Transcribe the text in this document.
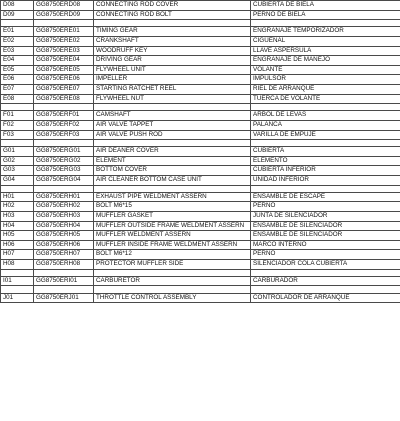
D08	GG8750ERD08	CONNECTING ROD COVER	CUBIERTA DE BIELA
D09	GG8750ERD09	CONNECTING ROD BOLT	PERNO DE BIELA

E01	GG8750ERE01	TIMING GEAR	ENGRANAJE TEMPORIZADOR
E02	GG8750ERE02	CRANKSHAFT	CIGÜEÑAL
E03	GG8750ERE03	WOODRUFF KEY	LLAVE ASPERSULA
E04	GG8750ERE04	DRIVING GEAR	ENGRANAJE DE MANEJO
E05	GG8750ERE05	FLYWHEEL UNIT	VOLANTE
E06	GG8750ERE06	IMPELLER	IMPULSOR
E07	GG8750ERE07	STARTING RATCHET REEL	RIEL DE ARRANQUE
E08	GG8750ERE08	FLYWHEEL NUT	TUERCA DE VOLANTE

F01	GG8750ERF01	CAMSHAFT	ARBOL DE LEVAS
F02	GG8750ERF02	AIR VALVE TAPPET	PALANCA
F03	GG8750ERF03	AIR VALVE PUSH ROD	VARILLA DE EMPUJE

G01	GG8750ERG01	AIR DEANER COVER	CUBIERTA
G02	GG8750ERG02	ELEMENT	ELEMENTO
G03	GG8750ERG03	BOTTOM COVER	CUBIERTA INFERIOR
G04	GG8750ERG04	AIR CLEANER BOTTOM CASE UNIT	UNIDAD INFERIOR

H01	GG8750ERH01	EXHAUST PIPE WELDMENT ASSERN	ENSAMBLE DE ESCAPE
H02	GG8750ERH02	BOLT M6*15	PERNO
H03	GG8750ERH03	MUFFLER GASKET	JUNTA DE SILENCIADOR
H04	GG8750ERH04	MUFFLER OUTSIDE FRAME WELDMENT ASSERN	ENSAMBLE DE SILENCIADOR
H05	GG8750ERH05	MUFFLER WELDMENT ASSERN	ENSAMBLE DE SILENCIADOR
H06	GG8750ERH06	MUFFLER INSIDE FRAME WELDMENT ASSERN	MARCO INTERNO
H07	GG8750ERH07	BOLT M6*12	PERNO
H08	GG8750ERH08	PROTECTOR MUFFLER SIDE	SILENCIADOR COLA CUBIERTA

I01	GG8750ERI01	CARBURETOR	CARBURADOR

J01	GG8750ERJ01	THROTTLE CONTROL ASSEMBLY	CONTROLADOR DE ARRANQUE
